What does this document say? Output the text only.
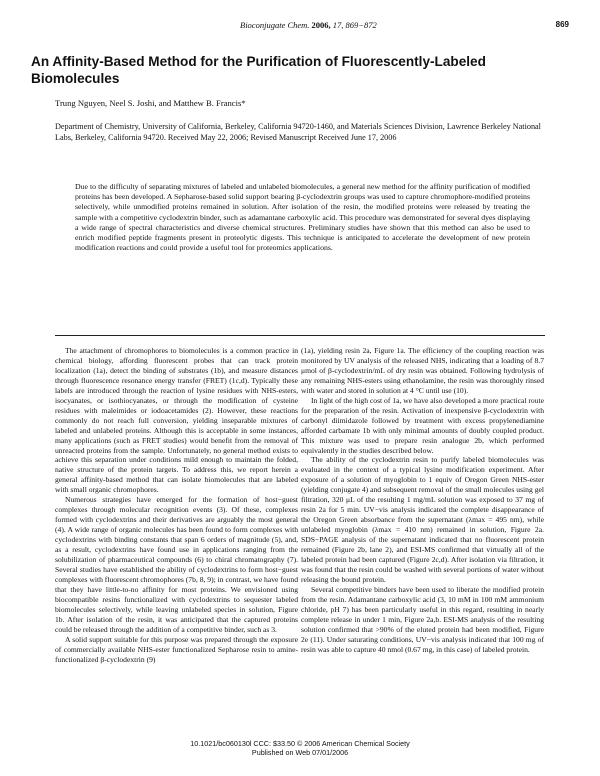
Bioconjugate Chem. 2006, 17, 869−872	869
An Affinity-Based Method for the Purification of Fluorescently-Labeled Biomolecules
Trung Nguyen, Neel S. Joshi, and Matthew B. Francis*
Department of Chemistry, University of California, Berkeley, California 94720-1460, and Materials Sciences Division, Lawrence Berkeley National Labs, Berkeley, California 94720. Received May 22, 2006; Revised Manuscript Received June 17, 2006

Due to the difficulty of separating mixtures of labeled and unlabeled biomolecules, a general new method for the affinity purification of modified proteins has been developed. A Sepharose-based solid support bearing β-cyclodextrin groups was used to capture chromophore-modified proteins selectively, while unmodified proteins remained in solution. After isolation of the resin, the modified proteins were released by treating the sample with a competitive cyclodextrin binder, such as adamantane carboxylic acid. This procedure was demonstrated for several dyes displaying a wide range of spectral characteristics and diverse chemical structures. Preliminary studies have shown that this method can also be used to enrich modified peptide fragments present in proteolytic digests. This technique is anticipated to accelerate the development of new protein modification reactions and could provide a useful tool for proteomics applications.

The attachment of chromophores to biomolecules is a common practice in chemical biology, affording fluorescent probes that can track protein localization (1a), detect the binding of substrates (1b), and measure distances through fluorescence resonance energy transfer (FRET) (1c,d). Typically these labels are introduced through the reaction of lysine residues with NHS-esters, isocyanates, or isothiocyanates, or through the modification of cysteine residues with maleimides or iodoacetamides (2). However, these reactions commonly do not reach full conversion, yielding inseparable mixtures of labeled and unlabeled proteins. Although this is acceptable in some instances, many applications (such as FRET studies) would benefit from the removal of unreacted proteins from the sample. Unfortunately, no general method exists to achieve this separation under conditions mild enough to maintain the folded, native structure of the protein targets. To address this, we report herein a general affinity-based method that can isolate biomolecules that are labeled with small organic chromophores.

Numerous strategies have emerged for the formation of host−guest complexes through molecular recognition events (3). Of these, complexes formed with cyclodextrins and their derivatives are arguably the most general (4). A wide range of organic molecules has been found to form complexes with cyclodextrins with binding constants that span 6 orders of magnitude (5), and, as a result, cyclodextrins have found use in applications ranging from the solubilization of pharmaceutical compounds (6) to chiral chromatography (7). Several studies have established the ability of cyclodextrins to form host−guest complexes with fluorescent chromophores (7b, 8, 9); in contrast, we have found that they have little-to-no affinity for most proteins. We envisioned using biocompatible resins functionalized with cyclodextrins to sequester labeled biomolecules selectively, while leaving unlabeled species in solution, Figure 1b. After isolation of the resin, it was anticipated that the captured proteins could be released through the addition of a competitive binder, such as 3.

A solid support suitable for this purpose was prepared through the exposure of commercially available NHS-ester functionalized Sepharose resin to amine-functionalized β-cyclodextrin (9)

(1a), yielding resin 2a, Figure 1a. The efficiency of the coupling reaction was monitored by UV analysis of the released NHS, indicating that a loading of 8.7 μmol of β-cyclodextrin/mL of dry resin was obtained. Following hydrolysis of any remaining NHS-esters using ethanolamine, the resin was thoroughly rinsed with water and stored in solution at 4 °C until use (10).

In light of the high cost of 1a, we have also developed a more practical route for the preparation of the resin. Activation of inexpensive β-cyclodextrin with carbonyl diimidazole followed by treatment with excess propylenediamine afforded carbamate 1b with only minimal amounts of doubly coupled product. This mixture was used to prepare resin analogue 2b, which performed equivalently in the studies described below.

The ability of the cyclodextrin resin to purify labeled biomolecules was evaluated in the context of a typical lysine modification experiment. After exposure of a solution of myoglobin to 1 equiv of Oregon Green NHS-ester (yielding conjugate 4) and subsequent removal of the small molecules using gel filtration, 320 μL of the resulting 1 mg/mL solution was exposed to 37 mg of resin 2a for 5 min. UV−vis analysis indicated the complete disappearance of the Oregon Green absorbance from the supernatant (λmax = 495 nm), while unlabeled myoglobin (λmax = 410 nm) remained in solution, Figure 2a. SDS−PAGE analysis of the supernatant indicated that no fluorescent protein remained (Figure 2b, lane 2), and ESI-MS confirmed that virtually all of the labeled protein had been captured (Figure 2c,d). After isolation via filtration, it was found that the resin could be washed with several portions of water without releasing the bound protein.

Several competitive binders have been used to liberate the modified protein from the resin. Adamantane carboxylic acid (3, 10 mM in 100 mM ammonium chloride, pH 7) has been particularly useful in this regard, resulting in nearly complete release in under 1 min, Figure 2a,b. ESI-MS analysis of the resulting solution confirmed that >90% of the eluted protein had been modified, Figure 2e (11). Under saturating conditions, UV−vis analysis indicated that 100 mg of resin was able to capture 40 nmol (0.67 mg, in this case) of labeled protein.

10.1021/bc060130l CCC: $33.50 © 2006 American Chemical Society
Published on Web 07/01/2006
